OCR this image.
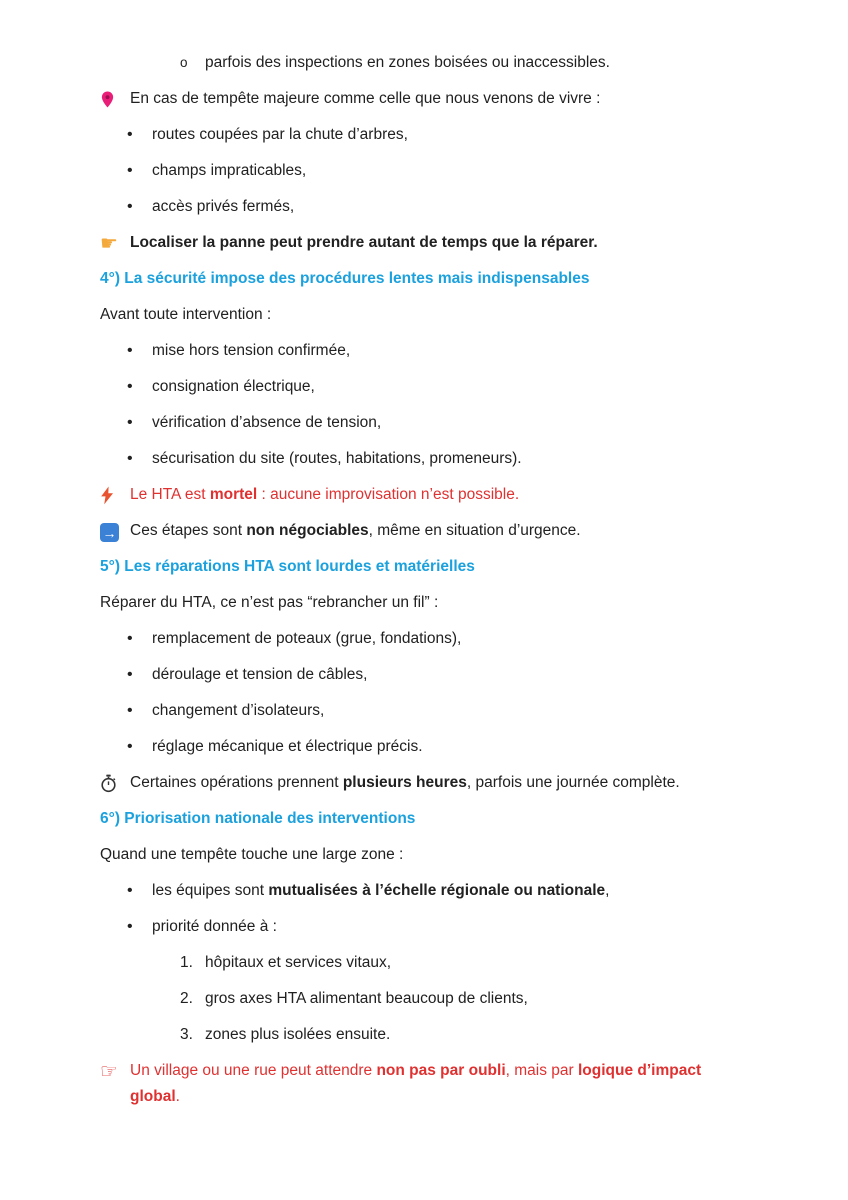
o	parfois des inspections en zones boisées ou inaccessibles.
En cas de tempête majeure comme celle que nous venons de vivre :
•	routes coupées par la chute d’arbres,
•	champs impraticables,
•	accès privés fermés,
☛ Localiser la panne peut prendre autant de temps que la réparer.
4°) La sécurité impose des procédures lentes mais indispensables

Avant toute intervention :

•	mise hors tension confirmée,
•	consignation électrique,
•	vérification d’absence de tension,
•	sécurisation du site (routes, habitations, promeneurs).
Le HTA est mortel : aucune improvisation n’est possible.
→ Ces étapes sont non négociables, même en situation d’urgence.
5°) Les réparations HTA sont lourdes et matérielles

Réparer du HTA, ce n’est pas “rebrancher un fil” :

•	remplacement de poteaux (grue, fondations),
•	déroulage et tension de câbles,
•	changement d’isolateurs,
•	réglage mécanique et électrique précis.
Certaines opérations prennent plusieurs heures, parfois une journée complète.
6°) Priorisation nationale des interventions

Quand une tempête touche une large zone :

•	les équipes sont mutualisées à l’échelle régionale ou nationale,
•	priorité donnée à :
1. hôpitaux et services vitaux,
2. gros axes HTA alimentant beaucoup de clients,
3. zones plus isolées ensuite.
☞ Un village ou une rue peut attendre non pas par oubli, mais par logique d’impact global.
